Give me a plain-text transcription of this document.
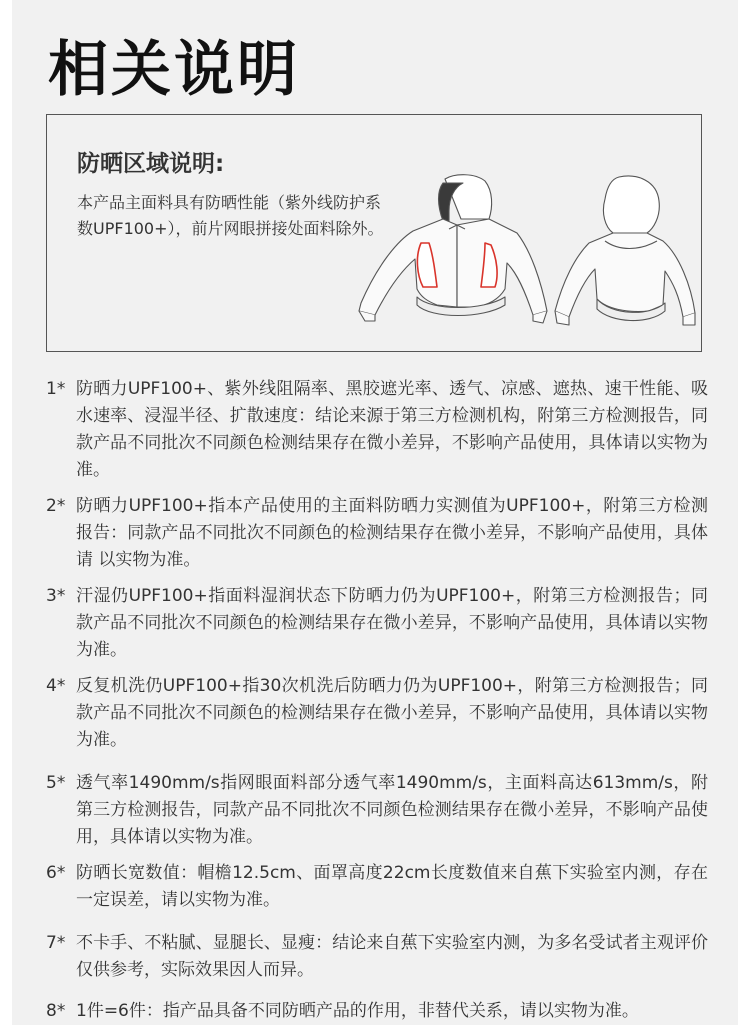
相关说明
防晒区域说明:
本产品主面料具有防晒性能（紫外线防护系数UPF100+），前片网眼拼接处面料除外。
1* 防晒力UPF100+、紫外线阻隔率、黑胶遮光率、透气、凉感、遮热、速干性能、吸水速率、浸湿半径、扩散速度：结论来源于第三方检测机构，附第三方检测报告，同款产品不同批次不同颜色检测结果存在微小差异，不影响产品使用，具体请以实物为准。
2* 防晒力UPF100+指本产品使用的主面料防晒力实测值为UPF100+，附第三方检测报告：同款产品不同批次不同颜色的检测结果存在微小差异，不影响产品使用，具体请 以实物为准。
3* 汗湿仍UPF100+指面料湿润状态下防晒力仍为UPF100+，附第三方检测报告；同款产品不同批次不同颜色的检测结果存在微小差异，不影响产品使用，具体请以实物为准。
4* 反复机洗仍UPF100+指30次机洗后防晒力仍为UPF100+，附第三方检测报告；同款产品不同批次不同颜色的检测结果存在微小差异，不影响产品使用，具体请以实物为准。
5* 透气率1490mm/s指网眼面料部分透气率1490mm/s，主面料高达613mm/s，附第三方检测报告，同款产品不同批次不同颜色检测结果存在微小差异，不影响产品使用，具体请以实物为准。
6* 防晒长宽数值：帽檐12.5cm、面罩高度22cm长度数值来自蕉下实验室内测，存在一定误差，请以实物为准。
7* 不卡手、不粘腻、显腿长、显瘦：结论来自蕉下实验室内测，为多名受试者主观评价仅供参考，实际效果因人而异。
8* 1件=6件：指产品具备不同防晒产品的作用，非替代关系，请以实物为准。
